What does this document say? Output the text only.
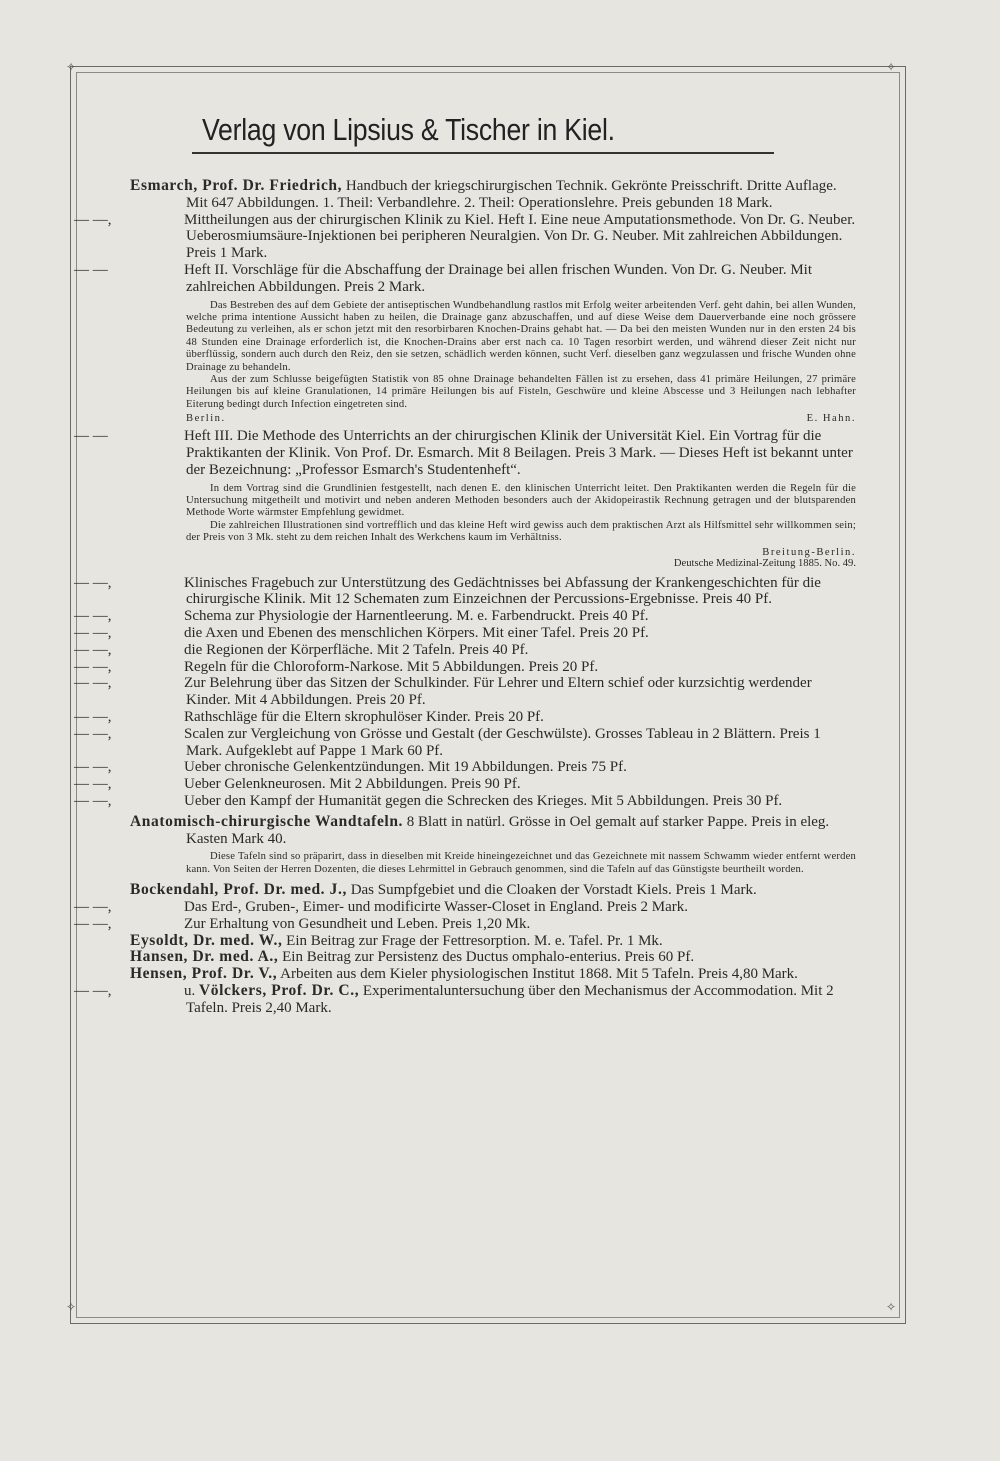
✧	✧
✧	✧
Verlag von Lipsius & Tischer in Kiel.

Esmarch, Prof. Dr. Friedrich, Handbuch der kriegschirurgischen Technik. Gekrönte Preisschrift. Dritte Auflage. Mit 647 Abbildungen. 1. Theil: Verbandlehre. 2. Theil: Operationslehre. Preis gebunden 18 Mark.

— —,	Mittheilungen aus der chirurgischen Klinik zu Kiel. Heft I. Eine neue Amputationsmethode. Von Dr. G. Neuber. Ueberosmiumsäure-Injektionen bei peripheren Neuralgien. Von Dr. G. Neuber. Mit zahlreichen Abbildungen. Preis 1 Mark.

— —	Heft II. Vorschläge für die Abschaffung der Drainage bei allen frischen Wunden. Von Dr. G. Neuber. Mit zahlreichen Abbildungen. Preis 2 Mark.

Das Bestreben des auf dem Gebiete der antiseptischen Wundbehandlung rastlos mit Erfolg weiter arbeitenden Verf. geht dahin, bei allen Wunden, welche prima intentione Aussicht haben zu heilen, die Drainage ganz abzuschaffen, und auf diese Weise dem Dauerverbande eine noch grössere Bedeutung zu verleihen, als er schon jetzt mit den resorbirbaren Knochen-Drains gehabt hat. — Da bei den meisten Wunden nur in den ersten 24 bis 48 Stunden eine Drainage erforderlich ist, die Knochen-Drains aber erst nach ca. 10 Tagen resorbirt werden, und während dieser Zeit nicht nur überflüssig, sondern auch durch den Reiz, den sie setzen, schädlich werden können, sucht Verf. dieselben ganz wegzulassen und frische Wunden ohne Drainage zu behandeln.

Aus der zum Schlusse beigefügten Statistik von 85 ohne Drainage behandelten Fällen ist zu ersehen, dass 41 primäre Heilungen, 27 primäre Heilungen bis auf kleine Granulationen, 14 primäre Heilungen bis auf Fisteln, Geschwüre und kleine Abscesse und 3 Heilungen nach lebhafter Eiterung bedingt durch Infection eingetreten sind.

Berlin.	E. Hahn.

— —	Heft III. Die Methode des Unterrichts an der chirurgischen Klinik der Universität Kiel. Ein Vortrag für die Praktikanten der Klinik. Von Prof. Dr. Esmarch. Mit 8 Beilagen. Preis 3 Mark. — Dieses Heft ist bekannt unter der Bezeichnung: „Professor Esmarch's Studentenheft“.

In dem Vortrag sind die Grundlinien festgestellt, nach denen E. den klinischen Unterricht leitet. Den Praktikanten werden die Regeln für die Untersuchung mitgetheilt und motivirt und neben anderen Methoden besonders auch der Akidopeirastik Rechnung getragen und der blutsparenden Methode Worte wärmster Empfehlung gewidmet.

Die zahlreichen Illustrationen sind vortrefflich und das kleine Heft wird gewiss auch dem praktischen Arzt als Hilfsmittel sehr willkommen sein; der Preis von 3 Mk. steht zu dem reichen Inhalt des Werkchens kaum im Verhältniss.

Breitung-Berlin.

Deutsche Medizinal-Zeitung 1885. No. 49.

— —,	Klinisches Fragebuch zur Unterstützung des Gedächtnisses bei Abfassung der Krankengeschichten für die chirurgische Klinik. Mit 12 Schematen zum Einzeichnen der Percussions-Ergebnisse. Preis 40 Pf.

— —,	Schema zur Physiologie der Harnentleerung. M. e. Farbendruckt. Preis 40 Pf.

— —,	die Axen und Ebenen des menschlichen Körpers. Mit einer Tafel. Preis 20 Pf.

— —,	die Regionen der Körperfläche. Mit 2 Tafeln. Preis 40 Pf.

— —,	Regeln für die Chloroform-Narkose. Mit 5 Abbildungen. Preis 20 Pf.

— —,	Zur Belehrung über das Sitzen der Schulkinder. Für Lehrer und Eltern schief oder kurzsichtig werdender Kinder. Mit 4 Abbildungen. Preis 20 Pf.

— —,	Rathschläge für die Eltern skrophulöser Kinder. Preis 20 Pf.

— —,	Scalen zur Vergleichung von Grösse und Gestalt (der Geschwülste). Grosses Tableau in 2 Blättern. Preis 1 Mark. Aufgeklebt auf Pappe 1 Mark 60 Pf.

— —,	Ueber chronische Gelenkentzündungen. Mit 19 Abbildungen. Preis 75 Pf.

— —,	Ueber Gelenkneurosen. Mit 2 Abbildungen. Preis 90 Pf.

— —,	Ueber den Kampf der Humanität gegen die Schrecken des Krieges. Mit 5 Abbildungen. Preis 30 Pf.

Anatomisch-chirurgische Wandtafeln. 8 Blatt in natürl. Grösse in Oel gemalt auf starker Pappe. Preis in eleg. Kasten Mark 40.

Diese Tafeln sind so präparirt, dass in dieselben mit Kreide hineingezeichnet und das Gezeichnete mit nassem Schwamm wieder entfernt werden kann. Von Seiten der Herren Dozenten, die dieses Lehrmittel in Gebrauch genommen, sind die Tafeln auf das Günstigste beurtheilt worden.

Bockendahl, Prof. Dr. med. J., Das Sumpfgebiet und die Cloaken der Vorstadt Kiels. Preis 1 Mark.

— —,	Das Erd-, Gruben-, Eimer- und modificirte Wasser-Closet in England. Preis 2 Mark.

— —,	Zur Erhaltung von Gesundheit und Leben. Preis 1,20 Mk.

Eysoldt, Dr. med. W., Ein Beitrag zur Frage der Fettresorption. M. e. Tafel. Pr. 1 Mk.

Hansen, Dr. med. A., Ein Beitrag zur Persistenz des Ductus omphalo-enterius. Preis 60 Pf.

Hensen, Prof. Dr. V., Arbeiten aus dem Kieler physiologischen Institut 1868. Mit 5 Tafeln. Preis 4,80 Mark.

— —,	u. Völckers, Prof. Dr. C., Experimentaluntersuchung über den Mechanismus der Accommodation. Mit 2 Tafeln. Preis 2,40 Mark.
